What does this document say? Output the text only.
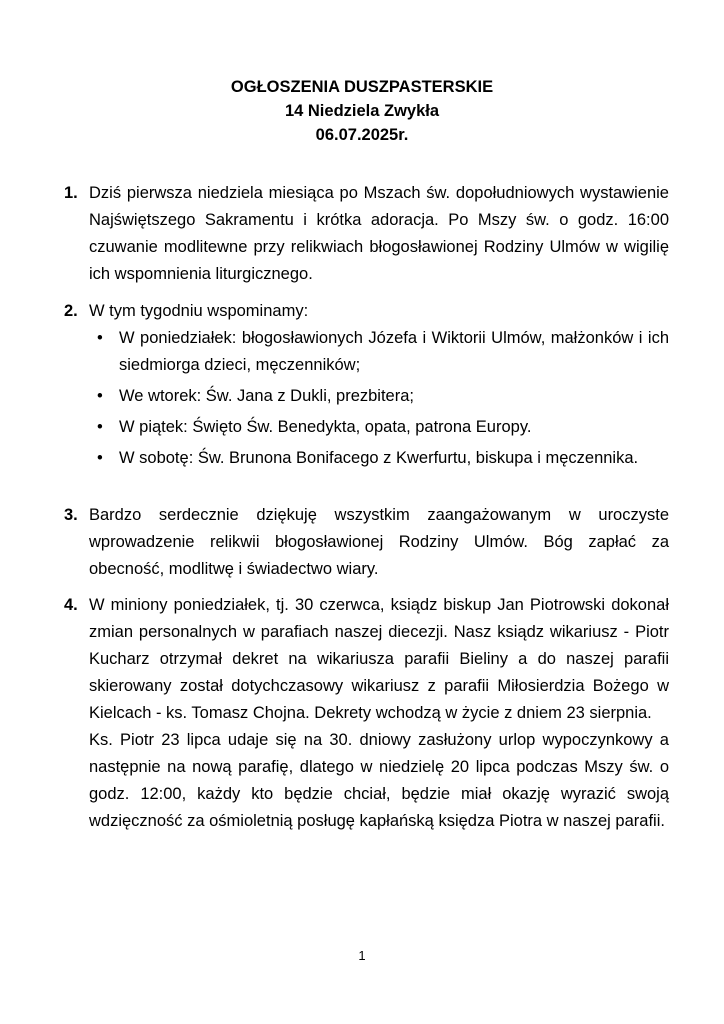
OGŁOSZENIA DUSZPASTERSKIE
14 Niedziela Zwykła
06.07.2025r.
1. Dziś pierwsza niedziela miesiąca po Mszach św. dopołudniowych wystawienie Najświętszego Sakramentu i krótka adoracja. Po Mszy św. o godz. 16:00 czuwanie modlitewne przy relikwiach błogosławionej Rodziny Ulmów w wigilię ich wspomnienia liturgicznego.

2. W tym tygodniu wspominamy:

• W poniedziałek: błogosławionych Józefa i Wiktorii Ulmów, małżonków i ich siedmiorga dzieci, męczenników;
• We wtorek: Św. Jana z Dukli, prezbitera;
• W piątek: Święto Św. Benedykta, opata, patrona Europy.
• W sobotę: Św. Brunona Bonifacego z Kwerfurtu, biskupa i męczennika.
3. Bardzo serdecznie dziękuję wszystkim zaangażowanym w uroczyste wprowadzenie relikwii błogosławionej Rodziny Ulmów. Bóg zapłać za obecność, modlitwę i świadectwo wiary.

4. W miniony poniedziałek, tj. 30 czerwca, ksiądz biskup Jan Piotrowski dokonał zmian personalnych w parafiach naszej diecezji. Nasz ksiądz wikariusz - Piotr Kucharz otrzymał dekret na wikariusza parafii Bieliny a do naszej parafii skierowany został dotychczasowy wikariusz z parafii Miłosierdzia Bożego w Kielcach - ks. Tomasz Chojna. Dekrety wchodzą w życie z dniem 23 sierpnia.

Ks. Piotr 23 lipca udaje się na 30. dniowy zasłużony urlop wypoczynkowy a następnie na nową parafię, dlatego w niedzielę 20 lipca podczas Mszy św. o godz. 12:00, każdy kto będzie chciał, będzie miał okazję wyrazić swoją wdzięczność za ośmioletnią posługę kapłańską księdza Piotra w naszej parafii.

1
